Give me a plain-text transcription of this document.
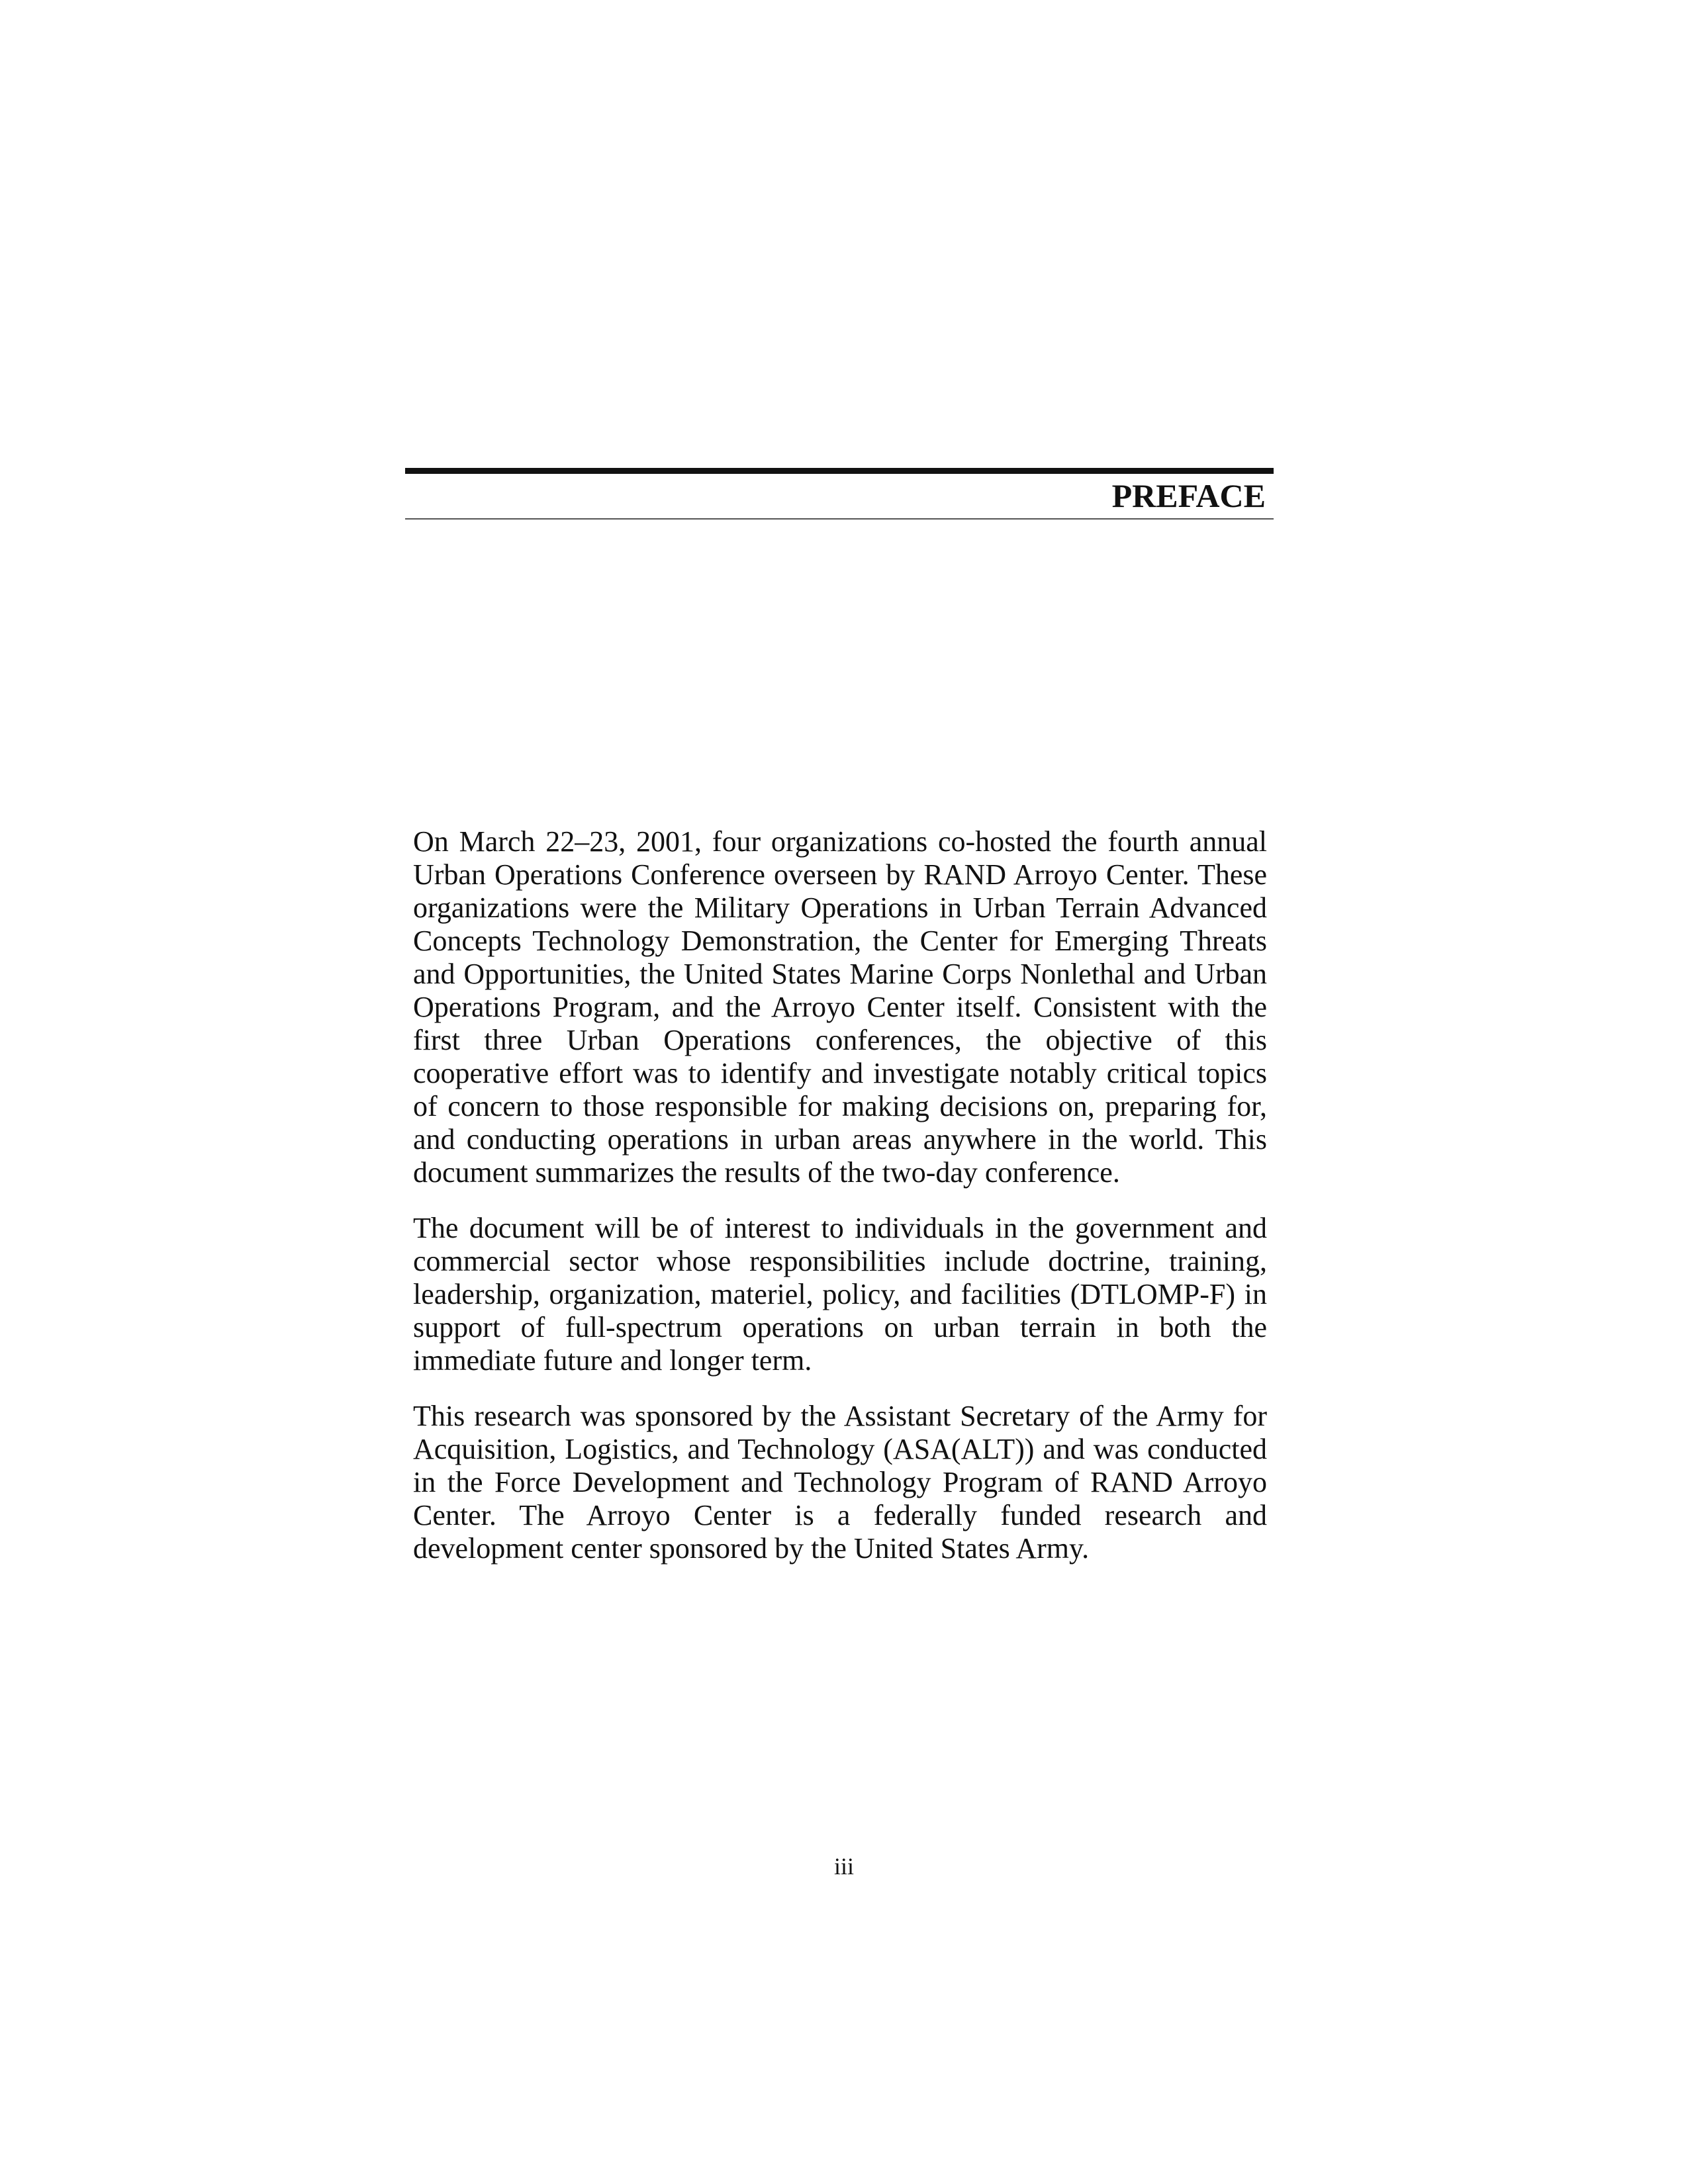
PREFACE

On March 22–23, 2001, four organizations co-hosted the fourth annual Urban Operations Conference overseen by RAND Arroyo Center. These organizations were the Military Operations in Urban Terrain Advanced Concepts Technology Demonstration, the Center for Emerging Threats and Opportunities, the United States Marine Corps Nonlethal and Urban Operations Program, and the Arroyo Center itself. Consistent with the first three Urban Operations conferences, the objective of this cooperative effort was to identify and investigate notably critical topics of concern to those responsible for making decisions on, preparing for, and conducting operations in urban areas anywhere in the world. This document summarizes the results of the two-day conference.

The document will be of interest to individuals in the government and commercial sector whose responsibilities include doctrine, training, leadership, organization, materiel, policy, and facilities (DTLOMP-F) in support of full-spectrum operations on urban terrain in both the immediate future and longer term.

This research was sponsored by the Assistant Secretary of the Army for Acquisition, Logistics, and Technology (ASA(ALT)) and was conducted in the Force Development and Technology Program of RAND Arroyo Center. The Arroyo Center is a federally funded research and development center sponsored by the United States Army.

iii
